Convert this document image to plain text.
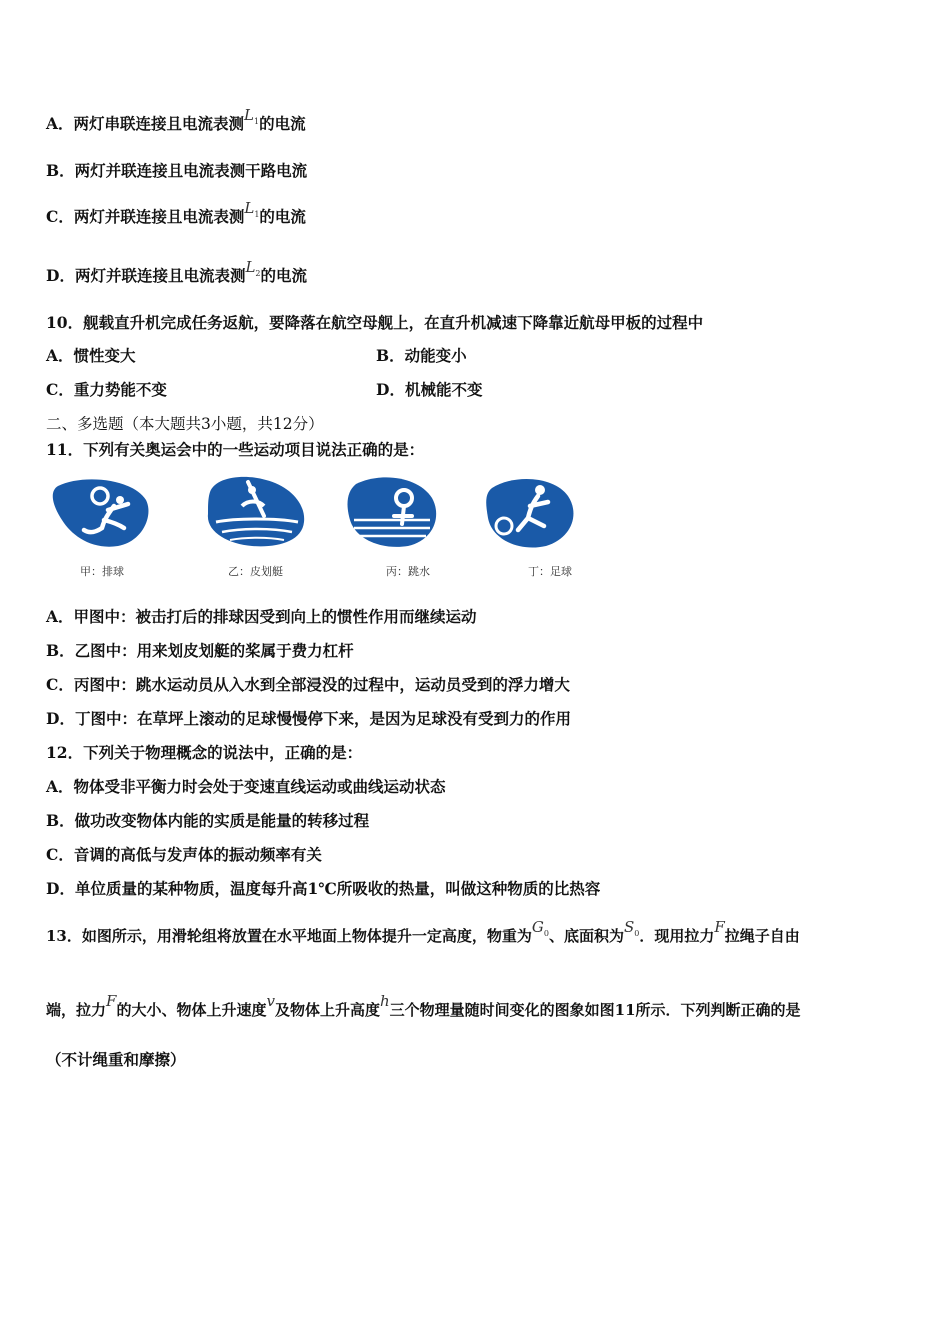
A．两灯串联连接且电流表测$L_1$的电流
B．两灯并联连接且电流表测干路电流
C．两灯并联连接且电流表测$L_1$的电流
D．两灯并联连接且电流表测$L_2$的电流
10．舰载直升机完成任务返航，要降落在航空母舰上，在直升机减速下降靠近航母甲板的过程中
A．惯性变大	B．动能变小
C．重力势能不变	D．机械能不变
二、多选题（本大题共3小题，共12分）
11．下列有关奥运会中的一些运动项目说法正确的是：
甲：排球	乙：皮划艇	丙：跳水	丁：足球
A．甲图中：被击打后的排球因受到向上的惯性作用而继续运动
B．乙图中：用来划皮划艇的桨属于费力杠杆
C．丙图中：跳水运动员从入水到全部浸没的过程中，运动员受到的浮力增大
D．丁图中：在草坪上滚动的足球慢慢停下来，是因为足球没有受到力的作用
12．下列关于物理概念的说法中，正确的是：
A．物体受非平衡力时会处于变速直线运动或曲线运动状态
B．做功改变物体内能的实质是能量的转移过程
C．音调的高低与发声体的振动频率有关
D．单位质量的某种物质，温度每升高1℃所吸收的热量，叫做这种物质的比热容
13．如图所示，用滑轮组将放置在水平地面上物体提升一定高度，物重为$G_0$、底面积为$S_0$．现用拉力F拉绳子自由
端，拉力F的大小、物体上升速度v及物体上升高度h三个物理量随时间变化的图象如图11所示．下列判断正确的是
（不计绳重和摩擦）
